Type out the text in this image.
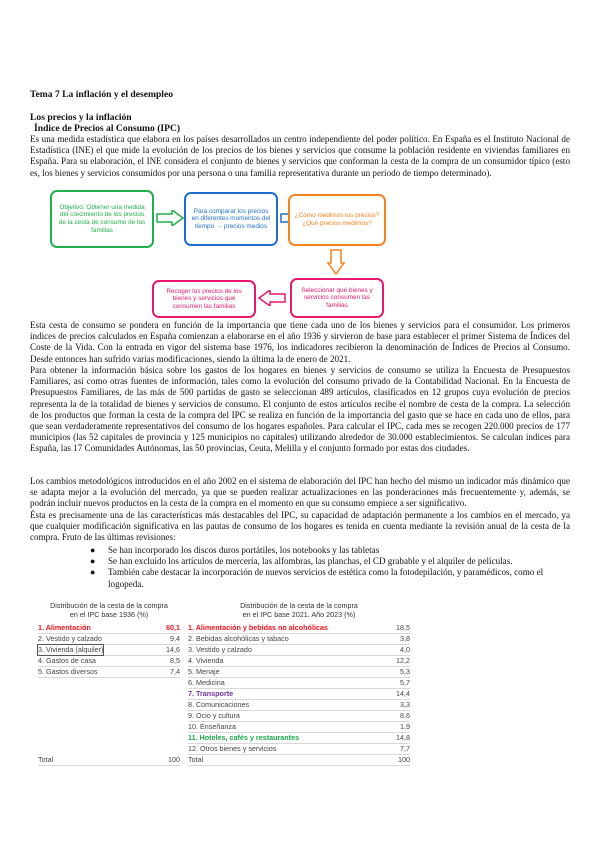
Tema 7 La inflación y el desempleo
Los precios y la inflación
Índice de Precios al Consumo (IPC)
Es una medida estadística que elabora en los países desarrollados un centro independiente del poder político. En España es el Instituto Nacional de Estadística (INE) el que mide la evolución de los precios de los bienes y servicios que consume la población residente en viviendas familiares en España. Para su elaboración, el INE considera el conjunto de bienes y servicios que conforman la cesta de la compra de un consumidor típico (esto es, los bienes y servicios consumidos por una persona o una familia representativa durante un periodo de tiempo determinado).
Objetivo: Obtener una medida del crecimiento de los precios de la cesta de consumo de las familias
Para comparar los precios en diferentes momentos del tiempo → precios medios
¿Cómo medimos los precios?
¿Qué precios medimos?
Seleccionar qué bienes y servicios consumen las familias
Recoger los precios de los bienes y servicios que consumen las familias
Esta cesta de consumo se pondera en función de la importancia que tiene cada uno de los bienes y servicios para el consumidor. Los primeros índices de precios calculados en España comienzan a elaborarse en el año 1936 y sirvieron de base para establecer el primer Sistema de Índices del Coste de la Vida. Con la entrada en vigor del sistema base 1976, los indicadores recibieron la denominación de Índices de Precios al Consumo. Desde entonces han sufrido varias modificaciones, siendo la última la de enero de 2021.
Para obtener la información básica sobre los gastos de los hogares en bienes y servicios de consumo se utiliza la Encuesta de Presupuestos Familiares, así como otras fuentes de información, tales como la evolución del consumo privado de la Contabilidad Nacional. En la Encuesta de Presupuestos Familiares, de las más de 500 partidas de gasto se seleccionan 489 artículos, clasificados en 12 grupos cuya evolución de precios representa la de la totalidad de bienes y servicios de consumo. El conjunto de estos artículos recibe el nombre de cesta de la compra. La selección de los productos que forman la cesta de la compra del IPC se realiza en función de la importancia del gasto que se hace en cada uno de ellos, para que sean verdaderamente representativos del consumo de los hogares españoles. Para calcular el IPC, cada mes se recogen 220.000 precios de 177 municipios (las 52 capitales de provincia y 125 municipios no capitales) utilizando alrededor de 30.000 establecimientos. Se calculan índices para España, las 17 Comunidades Autónomas, las 50 provincias, Ceuta, Melilla y el conjunto formado por estas dos ciudades.
Los cambios metodológicos introducidos en el año 2002 en el sistema de elaboración del IPC han hecho del mismo un indicador más dinámico que se adapta mejor a la evolución del mercado, ya que se pueden realizar actualizaciones en las ponderaciones más frecuentemente y, además, se podrán incluir nuevos productos en la cesta de la compra en el momento en que su consumo empiece a ser significativo.
Ésta es precisamente una de las características más destacables del IPC, su capacidad de adaptación permanente a los cambios en el mercado, ya que cualquier modificación significativa en las pautas de consumo de los hogares es tenida en cuenta mediante la revisión anual de la cesta de la compra. Fruto de las últimas revisiones:
● Se han incorporado los discos duros portátiles, los notebooks y las tabletas
● Se han excluido los artículos de mercería, las alfombras, las planchas, el CD grabable y el alquiler de películas.
● También cabe destacar la incorporación de nuevos servicios de estética como la fotodepilación, y paramédicos, como el logopeda.
Distribución de la cesta de la compra
en el IPC base 1936 (%)
1. Alimentación	60,1
2. Vestido y calzado	9,4
3. Vivienda (alquiler)	14,6
4. Gastos de casa	8,5
5. Gastos diversos	7,4
Total	100
Distribución de la cesta de la compra
en el IPC base 2021. Año 2023 (%)
1. Alimentación y bebidas no alcohólicas	18,5
2. Bebidas alcohólicas y tabaco	3,8
3. Vestido y calzado	4,0
4. Vivienda	12,2
5. Menaje	5,3
6. Medicina	5,7
7. Transporte	14,4
8. Comunicaciones	3,3
9. Ocio y cultura	8,6
10. Enseñanza	1,9
11. Hoteles, cafés y restaurantes	14,8
12. Otros bienes y servicios	7,7
Total	100
